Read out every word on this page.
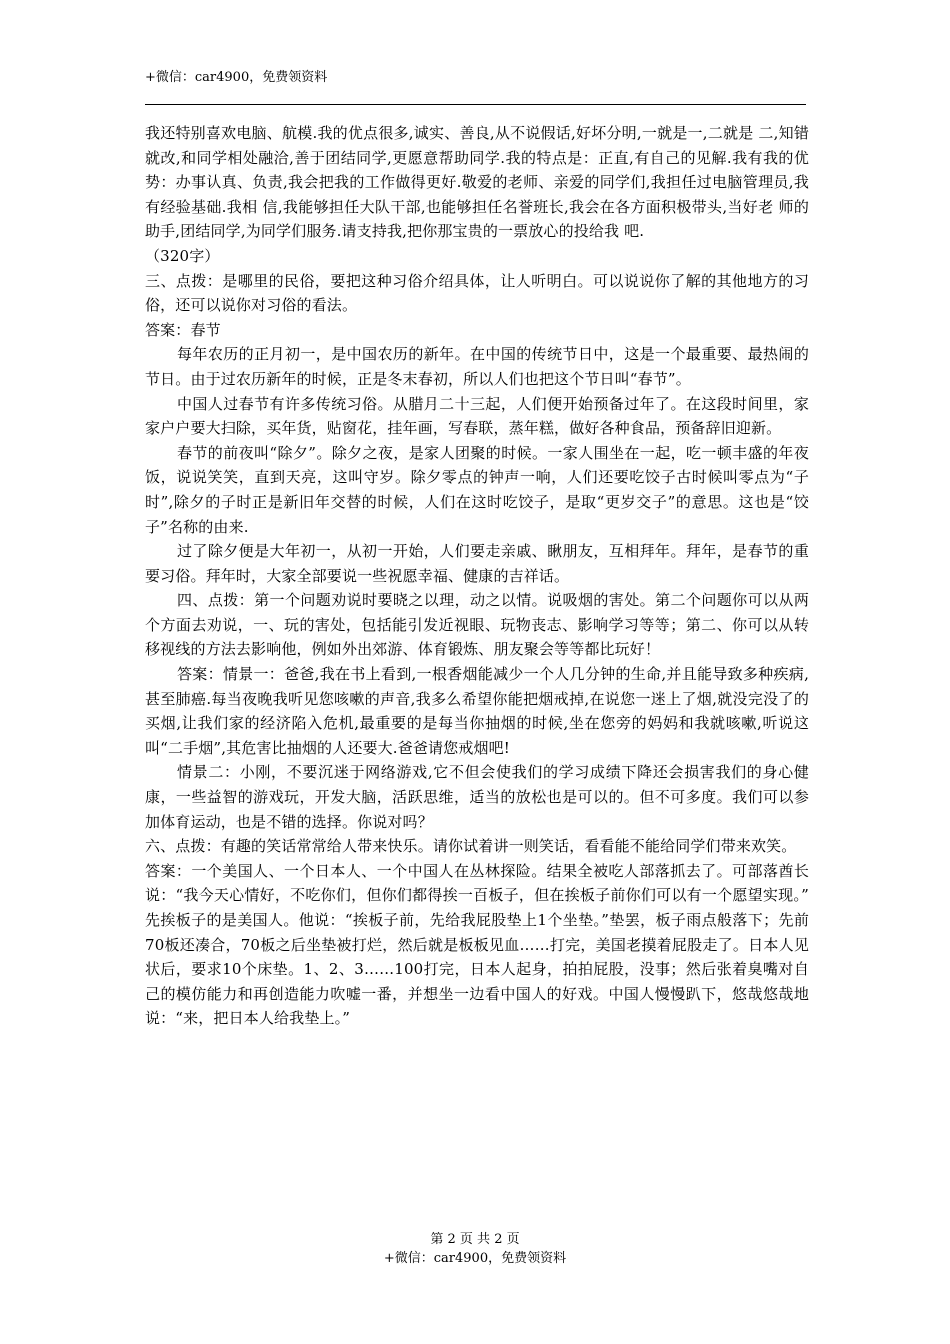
+微信：car4900，免费领资料

我还特别喜欢电脑、航模.我的优点很多,诚实、善良,从不说假话,好坏分明,一就是一,二就是 二,知错就改,和同学相处融洽,善于团结同学,更愿意帮助同学.我的特点是：正直,有自己的见解.我有我的优势：办事认真、负责,我会把我的工作做得更好.敬爱的老师、亲爱的同学们,我担任过电脑管理员,我有经验基础.我相 信,我能够担任大队干部,也能够担任名誉班长,我会在各方面积极带头,当好老 师的助手,团结同学,为同学们服务.请支持我,把你那宝贵的一票放心的投给我 吧.

（320字）

三、点拨：是哪里的民俗，要把这种习俗介绍具体，让人听明白。可以说说你了解的其他地方的习俗，还可以说你对习俗的看法。

答案：春节

每年农历的正月初一，是中国农历的新年。在中国的传统节日中，这是一个最重要、最热闹的节日。由于过农历新年的时候，正是冬末春初，所以人们也把这个节日叫“春节”。

中国人过春节有许多传统习俗。从腊月二十三起，人们便开始预备过年了。在这段时间里，家家户户要大扫除，买年货，贴窗花，挂年画，写春联，蒸年糕，做好各种食品，预备辞旧迎新。

春节的前夜叫“除夕”。除夕之夜，是家人团聚的时候。一家人围坐在一起，吃一顿丰盛的年夜饭，说说笑笑，直到天亮，这叫守岁。除夕零点的钟声一响，人们还要吃饺子古时候叫零点为“子时”,除夕的子时正是新旧年交替的时候，人们在这时吃饺子，是取“更岁交子”的意思。这也是“饺子”名称的由来.

过了除夕便是大年初一，从初一开始，人们要走亲戚、瞅朋友，互相拜年。拜年，是春节的重要习俗。拜年时，大家全部要说一些祝愿幸福、健康的吉祥话。

四、点拨：第一个问题劝说时要晓之以理，动之以情。说吸烟的害处。第二个问题你可以从两个方面去劝说，一、玩的害处，包括能引发近视眼、玩物丧志、影响学习等等；第二、你可以从转移视线的方法去影响他，例如外出郊游、体育锻炼、朋友聚会等等都比玩好！

答案：情景一：爸爸,我在书上看到,一根香烟能减少一个人几分钟的生命,并且能导致多种疾病,甚至肺癌.每当夜晚我听见您咳嗽的声音,我多么希望你能把烟戒掉,在说您一迷上了烟,就没完没了的买烟,让我们家的经济陷入危机,最重要的是每当你抽烟的时候,坐在您旁的妈妈和我就咳嗽,听说这叫“二手烟”,其危害比抽烟的人还要大.爸爸请您戒烟吧!

情景二：小刚，不要沉迷于网络游戏,它不但会使我们的学习成绩下降还会损害我们的身心健康，一些益智的游戏玩，开发大脑，活跃思维，适当的放松也是可以的。但不可多度。我们可以参加体育运动，也是不错的选择。你说对吗？

六、点拨：有趣的笑话常常给人带来快乐。请你试着讲一则笑话，看看能不能给同学们带来欢笑。

答案：一个美国人、一个日本人、一个中国人在丛林探险。结果全被吃人部落抓去了。可部落酋长说：“我今天心情好，不吃你们，但你们都得挨一百板子，但在挨板子前你们可以有一个愿望实现。” 先挨板子的是美国人。他说：“挨板子前，先给我屁股垫上1个坐垫。”垫罢，板子雨点般落下；先前70板还凑合，70板之后坐垫被打烂，然后就是板板见血……打完，美国老摸着屁股走了。日本人见状后，要求10个床垫。1、2、3……100打完，日本人起身，拍拍屁股，没事；然后张着臭嘴对自己的模仿能力和再创造能力吹嘘一番，并想坐一边看中国人的好戏。中国人慢慢趴下，悠哉悠哉地说：“来，把日本人给我垫上。”

第 2 页 共 2 页
+微信：car4900，免费领资料
